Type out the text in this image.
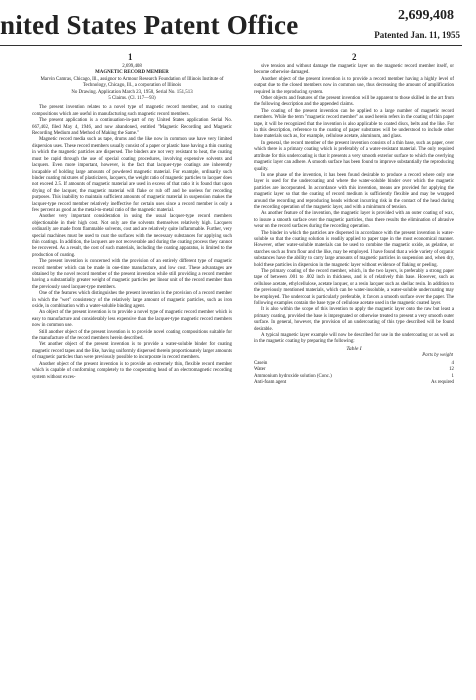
nited States Patent Office	2,699,408
Patented Jan. 11, 1955
1	2

2,699,408

MAGNETIC RECORD MEMBER

Marvin Camras, Chicago, Ill., assignor to Armour Research Foundation of Illinois Institute of Technology, Chicago, Ill., a corporation of Illinois

No Drawing. Application March 23, 1950, Serial No. 151,513

5 Claims. (Cl. 117—93)

The present invention relates to a novel type of magnetic record member, and to coating compositions which are useful in manufacturing such magnetic record members.

The present application is a continuation-in-part of my United States application Serial No. 667,402, filed May 4, 1946, and now abandoned, entitled "Magnetic Recording and Magnetic Recording Medium and Method of Making the Same."

Magnetic record media such as tape, drums and the like now in common use have very limited dispersion uses. These record members usually consist of a paper or plastic base having a thin coating in which the magnetic particles are dispersed. The binders are not very resistant to heat, the coating must be rapid through the use of special coating procedures, involving expensive solvents and lacquers. Even more important, however, is the fact that lacquer-type coatings are inherently incapable of holding large amounts of powdered magnetic material. For example, ordinarily such binder coating mixtures of plasticizers, lacquers, the weight ratio of magnetic particles to lacquer does not exceed 2.5. If amounts of magnetic material are used in excess of that ratio it is found that upon drying of the lacquer, the magnetic material will flake or rub off and be useless for recording purposes. This inability to maintain sufficient amounts of magnetic material in suspension makes the lacquer-type record member relatively ineffective for certain uses since a record member is only a few percent as good as the metal-to-metal ratio of the magnetic material.

Another very important consideration in using the usual lacquer-type record members objectionable in their high cost. Not only are the solvents themselves relatively high. Lacquers ordinarily are made from flammable solvents, cost and are relatively quite inflammable. Further, very special machines must be used to coat the surfaces with the necessary substances for applying such thin coatings. In addition, the lacquers are not recoverable and during the coating process they cannot be recovered. As a result, the cost of such materials, including the coating apparatus, is limited to the production of coating.

The present invention is concerned with the provision of an entirely different type of magnetic record member which can be made in one-time manufacture, and low cost. These advantages are obtained by the novel record member of the present invention while still providing a record member having a substantially greater weight of magnetic particles per linear unit of the record member than the previously used lacquer-type members.

One of the features which distinguishes the present invention is the provision of a record member in which the "wet" consistency of the relatively large amount of magnetic particles, such as iron oxide, in combination with a water-soluble binding agent.

An object of the present invention is to provide a novel type of magnetic record member which is easy to manufacture and considerably less expensive than the lacquer-type magnetic record members now in common use.

Still another object of the present invention is to provide novel coating compositions suitable for the manufacture of the record members herein described.

Yet another object of the present invention is to provide a water-soluble binder for coating magnetic record tapes and the like, having uniformly dispersed therein proportionately larger amounts of magnetic particles than were previously possible to incorporate in record members.

Another object of the present invention is to provide an extremely thin, flexible record member which is capable of conforming completely to the cooperating head of an electromagnetic recording system without exces-

sive tension and without damage the magnetic layer on the magnetic record member itself, or become otherwise damaged.

Another object of the present invention is to provide a record member having a highly level of output due to the closed members now in common use, thus decreasing the amount of amplification required in the reproducing system.

Other objects and features of the present invention will be apparent to those skilled in the art from the following description and the appended claims.

The coating of the present invention can be applied to a large number of magnetic record members. While the term "magnetic record member" as used herein refers in the coating of thin paper tape, it will be recognized that the invention is also applicable to coated discs, belts and the like. For in this description, reference to the coating of paper substrates will be understood to include other base materials such as, for example, cellulose acetate, aluminum, and glass.

In general, the record member of the present invention consists of a thin base, such as paper, over which there is a primary coating which is preferably of a water-resistant material. The only required attribute for this undercoating is that it presents a very smooth exterior surface to which the overlying magnetic layer can adhere. A smooth surface has been found to improve substantially the reproducing quality.

In one phase of the invention, it has been found desirable to produce a record where only one layer is used for the undercoating and where the water-soluble binder over which the magnetic particles are incorporated. In accordance with this invention, means are provided for applying the magnetic layer so that the coating of record medium is sufficiently flexible and may be wrapped around the recording and reproducing heads without incurring risk in the contact of the head during the recording operation of the magnetic layer, and with a minimum of tension.

As another feature of the invention, the magnetic layer is provided with an outer coating of wax, to insure a smooth surface over the magnetic particles, thus there results the elimination of abrasive wear on the record surfaces during the recording operation.

The binder in which the particles are dispersed in accordance with the present invention is water-soluble so that the coating solution is readily applied to paper tape in the most economical manner. However, other water-soluble materials can be used to combine the magnetic oxide, as gelatine, or starches such as from flour and the like, may be employed. I have found that a wide variety of organic substances have the ability to carry large amounts of magnetic particles in suspension and, when dry, hold these particles in dispersion in the magnetic layer without evidence of flaking or peeling.

The primary coating of the record member, which, in the two layers, is preferably a strong paper tape of between .001 to .002 inch in thickness, and is of relatively thin base. However, such as cellulose acetate, ethylcellulose, acetate lacquer, or a resin lacquer such as shellac resin. In addition to the previously mentioned materials, which can be water-insoluble, a water-soluble undercoating may be employed. The undercoat is particularly preferable, it favors a smooth surface over the paper. The following examples contain the base type of cellulose acetate used in the magnetic coated layer.

It is also within the scope of this invention to apply the magnetic layer onto the raw but least a primary coating, provided the base is impregnated or otherwise treated to present a very smooth outer surface. In general, however, the provision of an undercoating of this type described will be found desirable.

A typical magnetic layer example will now be described for use in the undercoating or as well as in the magnetic coating by preparing the following:

Table I

	Parts by weight
Casein	4
Water	12
Ammonium hydroxide solution (Conc.)	1
Anti-foam agent	As required
